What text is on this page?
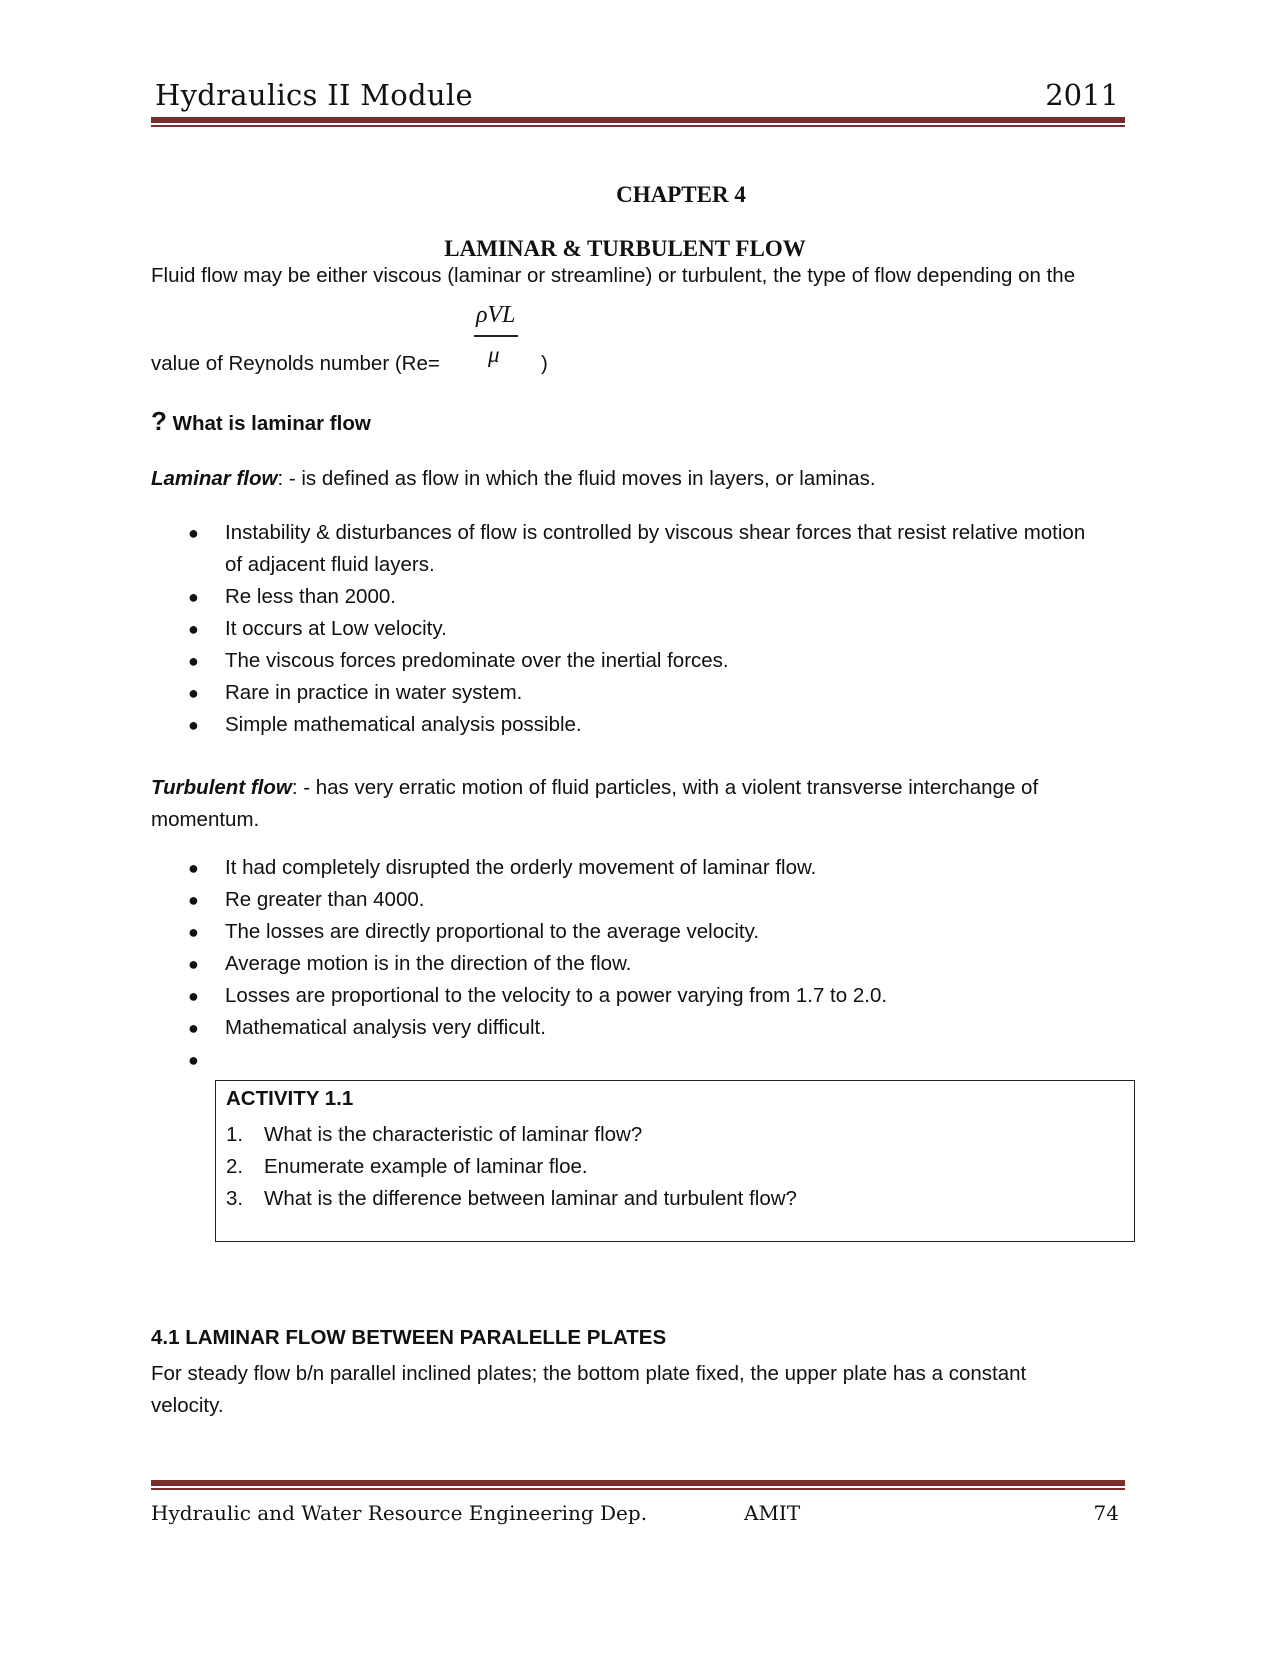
Hydraulics II Module	2011
CHAPTER 4
LAMINAR & TURBULENT FLOW
Fluid flow may be either viscous (laminar or streamline) or turbulent, the type of flow depending on the
ρVL
μ
value of Reynolds number (Re=	)
? What is laminar flow
Laminar flow: - is defined as flow in which the fluid moves in layers, or laminas.
● Instability & disturbances of flow is controlled by viscous shear forces that resist relative motion
of adjacent fluid layers.
● Re less than 2000.
● It occurs at Low velocity.
● The viscous forces predominate over the inertial forces.
● Rare in practice in water system.
● Simple mathematical analysis possible.
Turbulent flow: - has very erratic motion of fluid particles, with a violent transverse interchange of
momentum.
● It had completely disrupted the orderly movement of laminar flow.
● Re greater than 4000.
● The losses are directly proportional to the average velocity.
● Average motion is in the direction of the flow.
● Losses are proportional to the velocity to a power varying from 1.7 to 2.0.
● Mathematical analysis very difficult.
●
ACTIVITY 1.1
1. What is the characteristic of laminar flow?
2. Enumerate example of laminar floe.
3. What is the difference between laminar and turbulent flow?
4.1 LAMINAR FLOW BETWEEN PARALELLE PLATES
For steady flow b/n parallel inclined plates; the bottom plate fixed, the upper plate has a constant
velocity.
Hydraulic and Water Resource Engineering Dep.	AMIT	74
